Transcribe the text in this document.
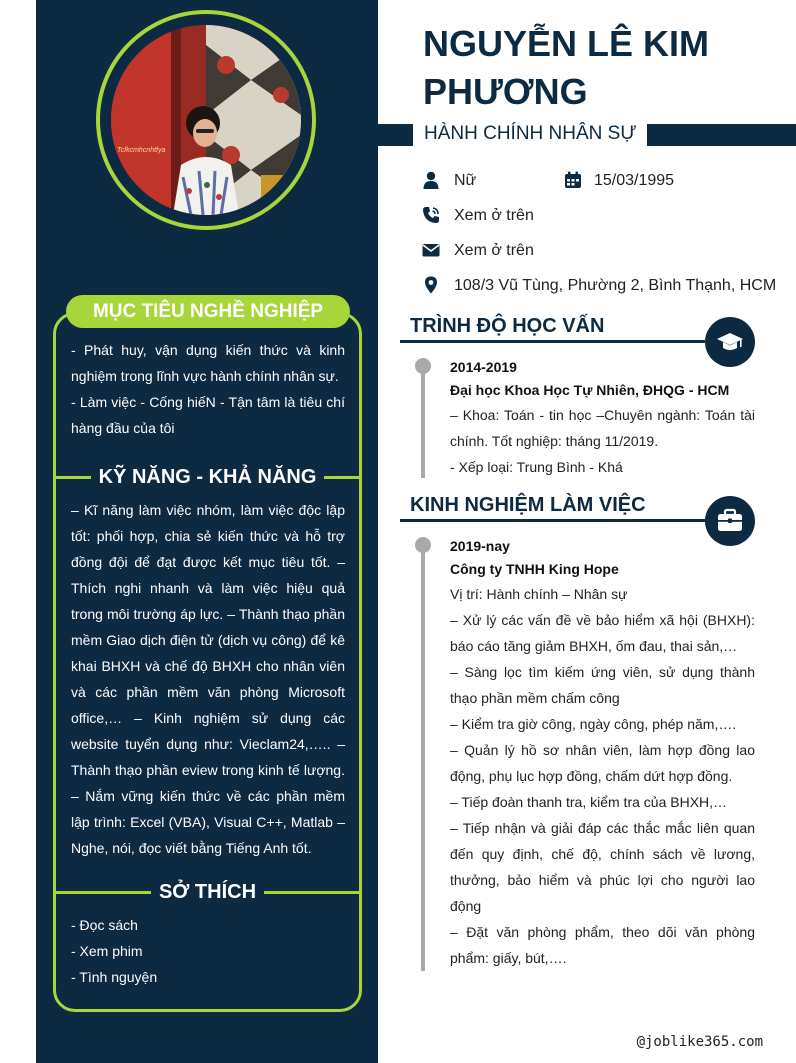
Tcfkcmhcnhtfya
MỤC TIÊU NGHỀ NGHIỆP
- Phát huy, vận dụng kiến thức và kinh nghiệm trong lĩnh vực hành chính nhân sự.
- Làm việc - Cống hiếN - Tận tâm là tiêu chí hàng đầu của tôi
KỸ NĂNG - KHẢ NĂNG
– Kĩ năng làm việc nhóm, làm việc độc lập tốt: phối hợp, chia sẻ kiến thức và hỗ trợ đồng đội để đạt được kết mục tiêu tốt. – Thích nghi nhanh và làm việc hiệu quả trong môi trường áp lực. – Thành thạo phần mềm Giao dịch điện tử (dịch vụ công) để kê khai BHXH và chế độ BHXH cho nhân viên và các phần mềm văn phòng Microsoft office,… – Kinh nghiệm sử dụng các website tuyển dụng như: Vieclam24,….. – Thành thạo phần eview trong kinh tế lượng. – Nắm vững kiến thức về các phần mềm lập trình: Excel (VBA), Visual C++, Matlab – Nghe, nói, đọc viết bằng Tiếng Anh tốt.
SỞ THÍCH
- Đọc sách
- Xem phim
- Tình nguyện
NGUYỄN LÊ KIM
PHƯƠNG
HÀNH CHÍNH NHÂN SỰ
Nữ	15/03/1995
Xem ở trên
Xem ở trên
108/3 Vũ Tùng, Phường 2, Bình Thạnh, HCM
TRÌNH ĐỘ HỌC VẤN
2014-2019
Đại học Khoa Học Tự Nhiên, ĐHQG - HCM
– Khoa: Toán - tin học –Chuyên ngành: Toán tài chính. Tốt nghiệp: tháng 11/2019.
- Xếp loại: Trung Bình - Khá
KINH NGHIỆM LÀM VIỆC
2019-nay
Công ty TNHH King Hope
Vị trí: Hành chính – Nhân sự
– Xử lý các vấn đề về bảo hiểm xã hội (BHXH): báo cáo tăng giảm BHXH, ốm đau, thai sản,…
– Sàng lọc tìm kiếm ứng viên, sử dụng thành thạo phần mềm chấm công
– Kiểm tra giờ công, ngày công, phép năm,….
– Quản lý hồ sơ nhân viên, làm hợp đồng lao động, phụ lục hợp đồng, chấm dứt hợp đồng.
– Tiếp đoàn thanh tra, kiểm tra của BHXH,…
– Tiếp nhận và giải đáp các thắc mắc liên quan đến quy định, chế độ, chính sách về lương, thưởng, bảo hiểm và phúc lợi cho người lao động
– Đặt văn phòng phẩm, theo dõi văn phòng phẩm: giấy, bút,….
@joblike365.com
